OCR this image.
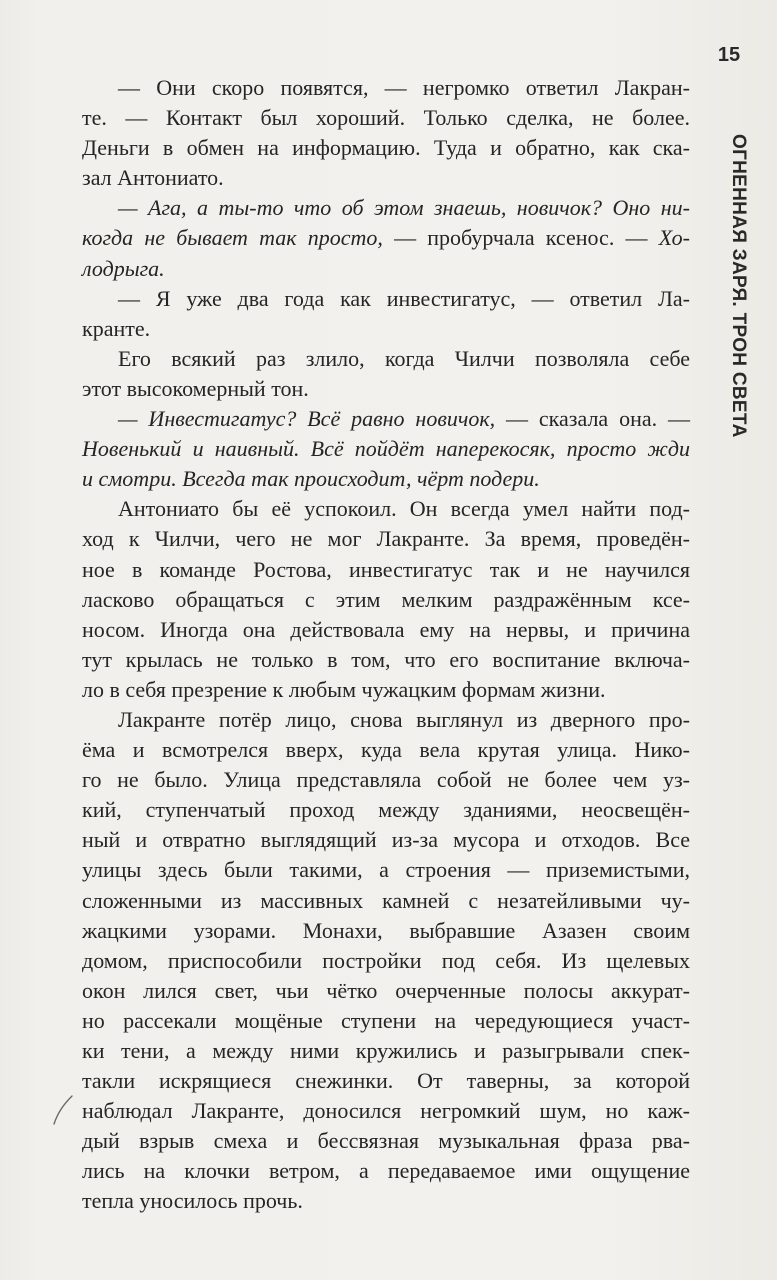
15
ОГНЕННАЯ ЗАРЯ. ТРОН СВЕТА
— Они скоро появятся, — негромко ответил Лакран-
те. — Контакт был хороший. Только сделка, не более.
Деньги в обмен на информацию. Туда и обратно, как ска-
зал Антониато.
— Ага, а ты-то что об этом знаешь, новичок? Оно ни-
когда не бывает так просто, — пробурчала ксенос. — Хо-
лодрыга.
— Я уже два года как инвестигатус, — ответил Ла-
кранте.
Его всякий раз злило, когда Чилчи позволяла себе
этот высокомерный тон.
— Инвестигатус? Всё равно новичок, — сказала она. —
Новенький и наивный. Всё пойдёт наперекосяк, просто жди
и смотри. Всегда так происходит, чёрт подери.
Антониато бы её успокоил. Он всегда умел найти под-
ход к Чилчи, чего не мог Лакранте. За время, проведён-
ное в команде Ростова, инвестигатус так и не научился
ласково обращаться с этим мелким раздражённым ксе-
носом. Иногда она действовала ему на нервы, и причина
тут крылась не только в том, что его воспитание включа-
ло в себя презрение к любым чужацким формам жизни.
Лакранте потёр лицо, снова выглянул из дверного про-
ёма и всмотрелся вверх, куда вела крутая улица. Нико-
го не было. Улица представляла собой не более чем уз-
кий, ступенчатый проход между зданиями, неосвещён-
ный и отвратно выглядящий из-за мусора и отходов. Все
улицы здесь были такими, а строения — приземистыми,
сложенными из массивных камней с незатейливыми чу-
жацкими узорами. Монахи, выбравшие Азазен своим
домом, приспособили постройки под себя. Из щелевых
окон лился свет, чьи чётко очерченные полосы аккурат-
но рассекали мощёные ступени на чередующиеся участ-
ки тени, а между ними кружились и разыгрывали спек-
такли искрящиеся снежинки. От таверны, за которой
наблюдал Лакранте, доносился негромкий шум, но каж-
дый взрыв смеха и бессвязная музыкальная фраза рва-
лись на клочки ветром, а передаваемое ими ощущение
тепла уносилось прочь.
